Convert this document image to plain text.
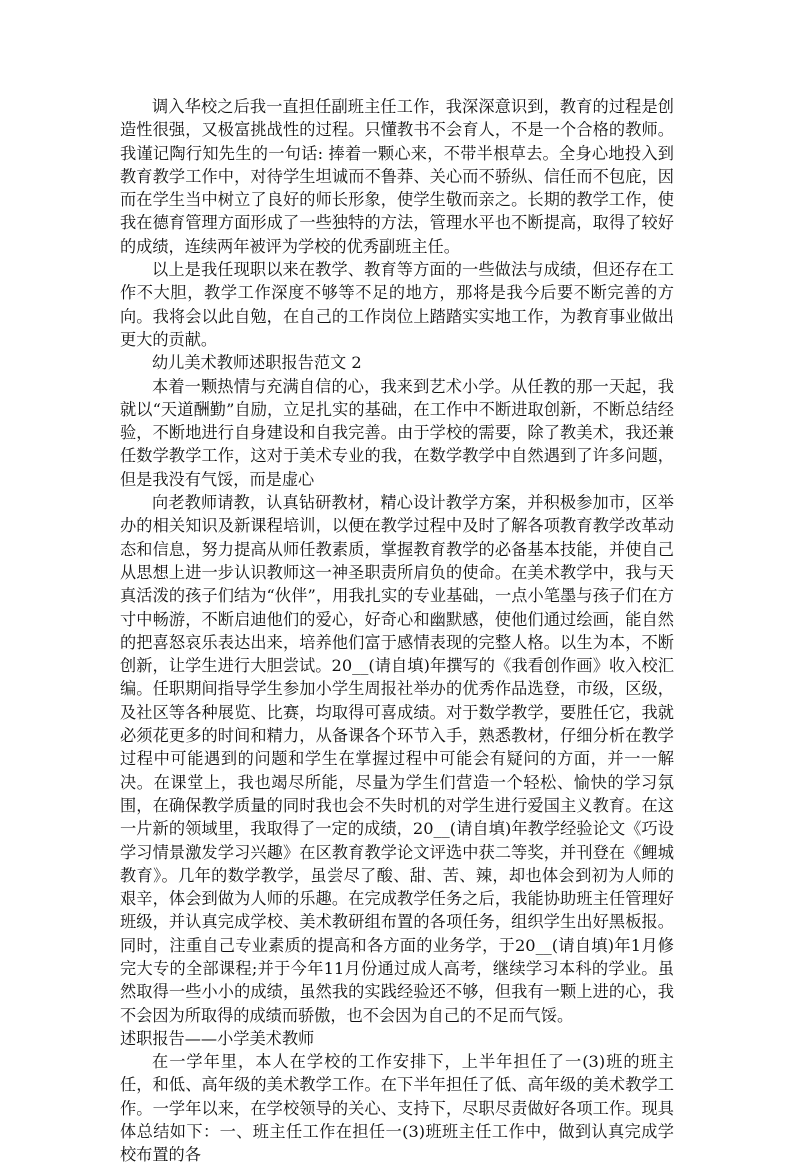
调入华校之后我一直担任副班主任工作，我深深意识到，教育的过程是创造性很强，又极富挑战性的过程。只懂教书不会育人，不是一个合格的教师。我谨记陶行知先生的一句话: 捧着一颗心来，不带半根草去。全身心地投入到教育教学工作中，对待学生坦诚而不鲁莽、关心而不骄纵、信任而不包庇，因而在学生当中树立了良好的师长形象，使学生敬而亲之。长期的教学工作，使我在德育管理方面形成了一些独特的方法，管理水平也不断提高，取得了较好的成绩，连续两年被评为学校的优秀副班主任。

以上是我任现职以来在教学、教育等方面的一些做法与成绩，但还存在工作不大胆，教学工作深度不够等不足的地方，那将是我今后要不断完善的方向。我将会以此自勉，在自己的工作岗位上踏踏实实地工作，为教育事业做出更大的贡献。

幼儿美术教师述职报告范文 2

本着一颗热情与充满自信的心，我来到艺术小学。从任教的那一天起，我就以“天道酬勤”自励，立足扎实的基础，在工作中不断进取创新，不断总结经验，不断地进行自身建设和自我完善。由于学校的需要，除了教美术，我还兼任数学教学工作，这对于美术专业的我，在数学教学中自然遇到了许多问题，但是我没有气馁，而是虚心

向老教师请教，认真钻研教材，精心设计教学方案，并积极参加市，区举办的相关知识及新课程培训，以便在教学过程中及时了解各项教育教学改革动态和信息，努力提高从师任教素质，掌握教育教学的必备基本技能，并使自己从思想上进一步认识教师这一神圣职责所肩负的使命。在美术教学中，我与天真活泼的孩子们结为“伙伴”，用我扎实的专业基础，一点小笔墨与孩子们在方寸中畅游，不断启迪他们的爱心，好奇心和幽默感，使他们通过绘画，能自然的把喜怒哀乐表达出来，培养他们富于感情表现的完整人格。以生为本，不断创新，让学生进行大胆尝试。20__(请自填)年撰写的《我看创作画》收入校汇编。任职期间指导学生参加小学生周报社举办的优秀作品选登，市级，区级，及社区等各种展览、比赛，均取得可喜成绩。对于数学教学，要胜任它，我就必须花更多的时间和精力，从备课各个环节入手，熟悉教材，仔细分析在教学过程中可能遇到的问题和学生在掌握过程中可能会有疑问的方面，并一一解决。在课堂上，我也竭尽所能，尽量为学生们营造一个轻松、愉快的学习氛围，在确保教学质量的同时我也会不失时机的对学生进行爱国主义教育。在这一片新的领域里，我取得了一定的成绩，20__(请自填)年教学经验论文《巧设学习情景激发学习兴趣》在区教育教学论文评选中获二等奖，并刊登在《鲤城教育》。几年的数学教学，虽尝尽了酸、甜、苦、辣，却也体会到初为人师的艰辛，体会到做为人师的乐趣。在完成教学任务之后，我能协助班主任管理好班级，并认真完成学校、美术教研组布置的各项任务，组织学生出好黑板报。同时，注重自己专业素质的提高和各方面的业务学，于20__(请自填)年1月修完大专的全部课程;并于今年11月份通过成人高考，继续学习本科的学业。虽然取得一些小小的成绩，虽然我的实践经验还不够，但我有一颗上进的心，我不会因为所取得的成绩而骄傲，也不会因为自己的不足而气馁。

述职报告——小学美术教师

在一学年里，本人在学校的工作安排下，上半年担任了一(3)班的班主任，和低、高年级的美术教学工作。在下半年担任了低、高年级的美术教学工作。一学年以来，在学校领导的关心、支持下，尽职尽责做好各项工作。现具体总结如下：一、班主任工作在担任一(3)班班主任工作中，做到认真完成学校布置的各
